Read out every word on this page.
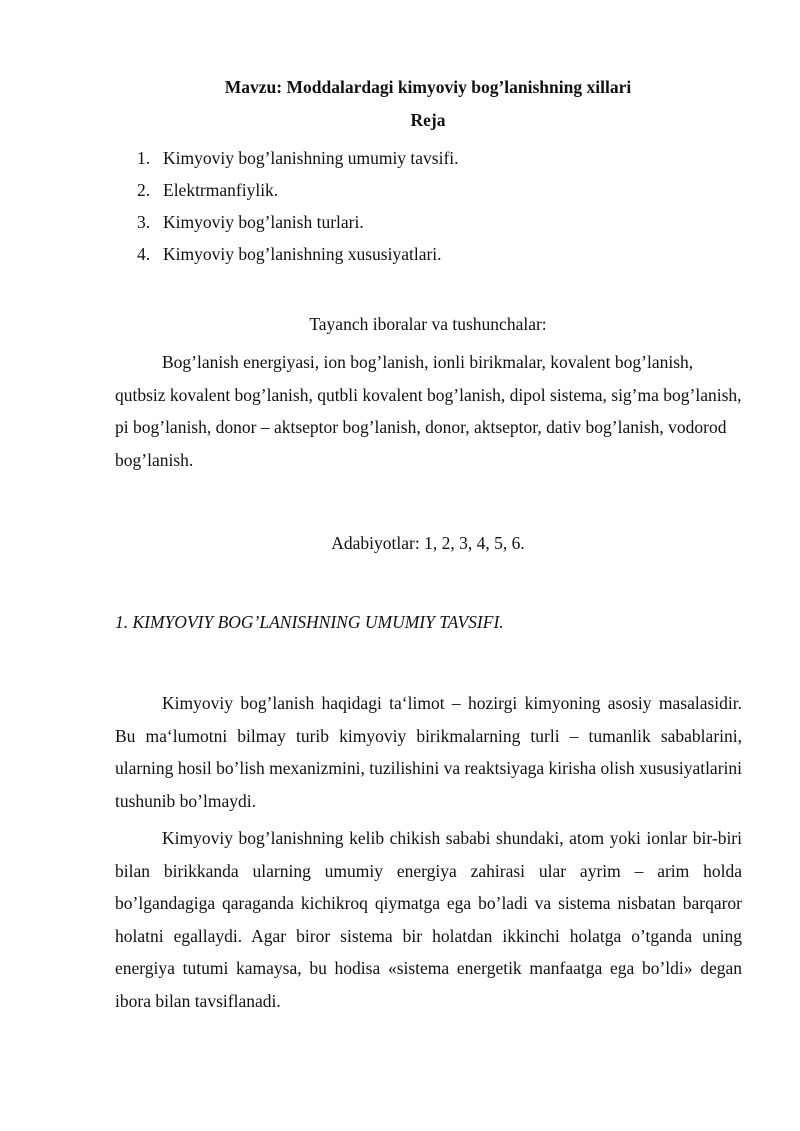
Mavzu: Moddalardagi kimyoviy bog’lanishning xillari
Reja
1. Kimyoviy bog’lanishning umumiy tavsifi.
2. Elektrmanfiylik.
3. Kimyoviy bog’lanish turlari.
4. Kimyoviy bog’lanishning xususiyatlari.
Tayanch iboralar va tushunchalar:

Bog’lanish energiyasi, ion bog’lanish, ionli birikmalar, kovalent bog’lanish, qutbsiz kovalent bog’lanish, qutbli kovalent bog’lanish, dipol sistema, sig’ma bog’lanish, pi bog’lanish, donor – aktseptor bog’lanish, donor, aktseptor, dativ bog’lanish, vodorod bog’lanish.

Adabiyotlar: 1, 2, 3, 4, 5, 6.
1. KIMYOVIY BOG’LANISHNING UMUMIY TAVSIFI.

Kimyoviy bog’lanish haqidagi ta‘limot – hozirgi kimyoning asosiy masalasidir. Bu ma‘lumotni bilmay turib kimyoviy birikmalarning turli – tumanlik sabablarini, ularning hosil bo’lish mexanizmini, tuzilishini va reaktsiyaga kirisha olish xususiyatlarini tushunib bo’lmaydi.

Kimyoviy bog’lanishning kelib chikish sababi shundaki, atom yoki ionlar bir-biri bilan birikkanda ularning umumiy energiya zahirasi ular ayrim – arim holda bo’lgandagiga qaraganda kichikroq qiymatga ega bo’ladi va sistema nisbatan barqaror holatni egallaydi. Agar biror sistema bir holatdan ikkinchi holatga o’tganda uning energiya tutumi kamaysa, bu hodisa «sistema energetik manfaatga ega bo’ldi» degan ibora bilan tavsiflanadi.
